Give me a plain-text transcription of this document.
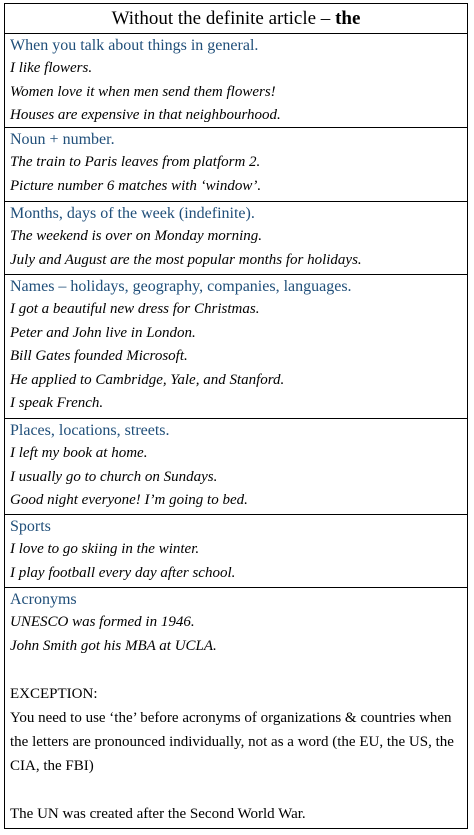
Without the definite article – the
When you talk about things in general.
I like flowers.
Women love it when men send them flowers!
Houses are expensive in that neighbourhood.
Noun + number.
The train to Paris leaves from platform 2.
Picture number 6 matches with ‘window’.
Months, days of the week (indefinite).
The weekend is over on Monday morning.
July and August are the most popular months for holidays.
Names – holidays, geography, companies, languages.
I got a beautiful new dress for Christmas.
Peter and John live in London.
Bill Gates founded Microsoft.
He applied to Cambridge, Yale, and Stanford.
I speak French.
Places, locations, streets.
I left my book at home.
I usually go to church on Sundays.
Good night everyone! I’m going to bed.
Sports
I love to go skiing in the winter.
I play football every day after school.
Acronyms
UNESCO was formed in 1946.
John Smith got his MBA at UCLA.
EXCEPTION:
You need to use ‘the’ before acronyms of organizations & countries when the letters are pronounced individually, not as a word (the EU, the US, the CIA, the FBI)
The UN was created after the Second World War.
